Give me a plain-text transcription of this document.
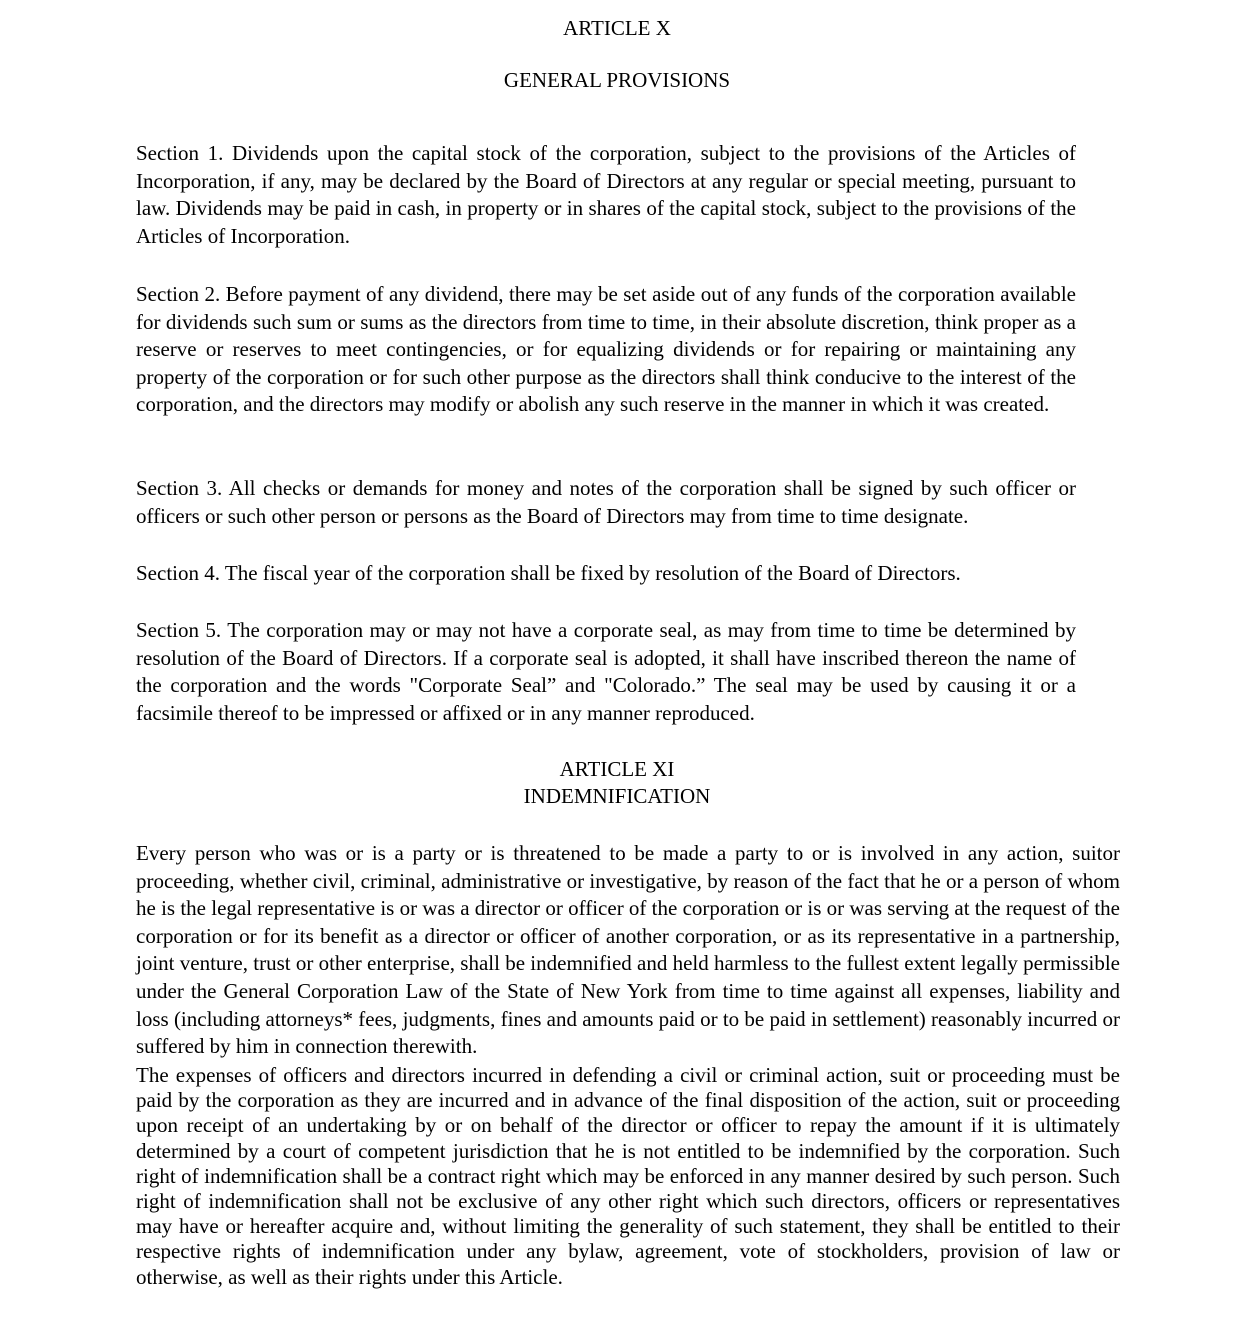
ARTICLE X
GENERAL PROVISIONS

Section 1. Dividends upon the capital stock of the corporation, subject to the provisions of the Articles of Incorporation, if any, may be declared by the Board of Directors at any regular or special meeting, pursuant to law. Dividends may be paid in cash, in property or in shares of the capital stock, subject to the provisions of the Articles of Incorporation.

Section 2. Before payment of any dividend, there may be set aside out of any funds of the corporation available for dividends such sum or sums as the directors from time to time, in their absolute discretion, think proper as a reserve or reserves to meet contingencies, or for equalizing dividends or for repairing or maintaining any property of the corporation or for such other purpose as the directors shall think conducive to the interest of the corporation, and the directors may modify or abolish any such reserve in the manner in which it was created.

Section 3. All checks or demands for money and notes of the corporation shall be signed by such officer or officers or such other person or persons as the Board of Directors may from time to time designate.

Section 4. The fiscal year of the corporation shall be fixed by resolution of the Board of Directors.

Section 5. The corporation may or may not have a corporate seal, as may from time to time be determined by resolution of the Board of Directors. If a corporate seal is adopted, it shall have inscribed thereon the name of the corporation and the words "Corporate Seal” and "Colorado.” The seal may be used by causing it or a facsimile thereof to be impressed or affixed or in any manner reproduced.

ARTICLE XI
INDEMNIFICATION

Every person who was or is a party or is threatened to be made a party to or is involved in any action, suitor proceeding, whether civil, criminal, administrative or investigative, by reason of the fact that he or a person of whom he is the legal representative is or was a director or officer of the corporation or is or was serving at the request of the corporation or for its benefit as a director or officer of another corporation, or as its representative in a partnership, joint venture, trust or other enterprise, shall be indemnified and held harmless to the fullest extent legally permissible under the General Corporation Law of the State of New York from time to time against all expenses, liability and loss (including attorneys* fees, judgments, fines and amounts paid or to be paid in settlement) reasonably incurred or suffered by him in connection therewith.

The expenses of officers and directors incurred in defending a civil or criminal action, suit or proceeding must be paid by the corporation as they are incurred and in advance of the final disposition of the action, suit or proceeding upon receipt of an undertaking by or on behalf of the director or officer to repay the amount if it is ultimately determined by a court of competent jurisdiction that he is not entitled to be indemnified by the corporation. Such right of indemnification shall be a contract right which may be enforced in any manner desired by such person. Such right of indemnification shall not be exclusive of any other right which such directors, officers or representatives may have or hereafter acquire and, without limiting the generality of such statement, they shall be entitled to their respective rights of indemnification under any bylaw, agreement, vote of stockholders, provision of law or otherwise, as well as their rights under this Article.
